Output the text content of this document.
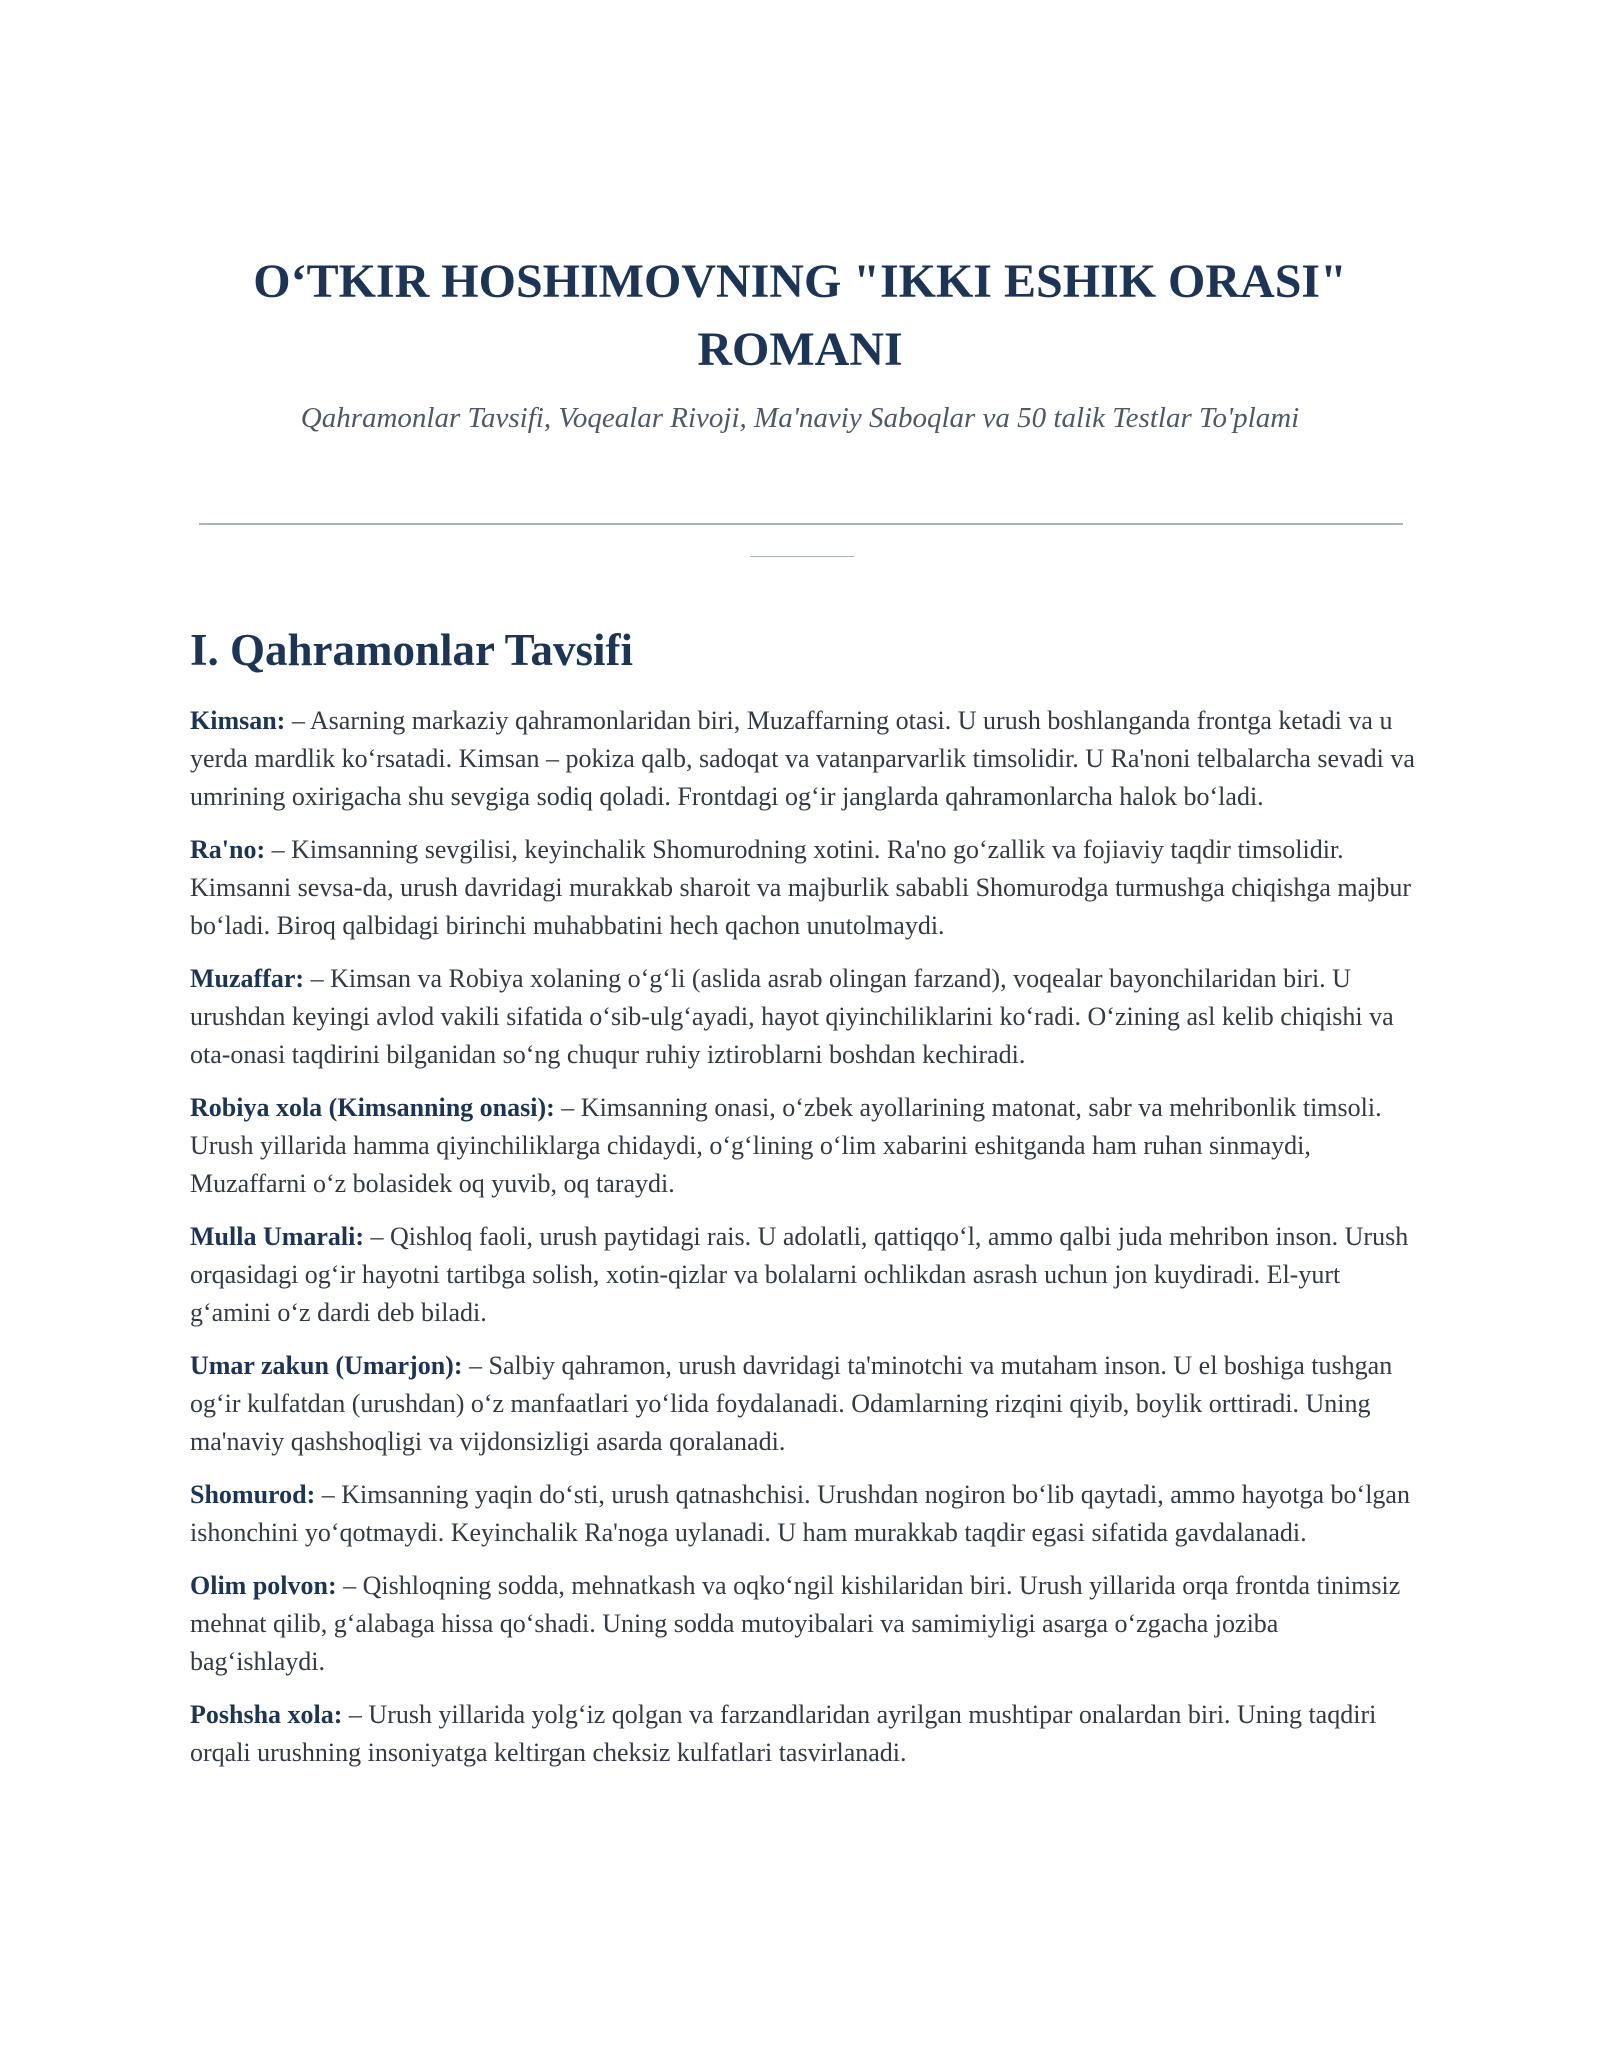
O‘TKIR HOSHIMOVNING "IKKI ESHIK ORASI" ROMANI

Qahramonlar Tavsifi, Voqealar Rivoji, Ma'naviy Saboqlar va 50 talik Testlar To'plami

I. Qahramonlar Tavsifi

Kimsan: – Asarning markaziy qahramonlaridan biri, Muzaffarning otasi. U urush boshlanganda frontga ketadi va u yerda mardlik ko‘rsatadi. Kimsan – pokiza qalb, sadoqat va vatanparvarlik timsolidir. U Ra'noni telbalarcha sevadi va umrining oxirigacha shu sevgiga sodiq qoladi. Frontdagi og‘ir janglarda qahramonlarcha halok bo‘ladi.

Ra'no: – Kimsanning sevgilisi, keyinchalik Shomurodning xotini. Ra'no go‘zallik va fojiaviy taqdir timsolidir. Kimsanni sevsa-da, urush davridagi murakkab sharoit va majburlik sababli Shomurodga turmushga chiqishga majbur bo‘ladi. Biroq qalbidagi birinchi muhabbatini hech qachon unutolmaydi.

Muzaffar: – Kimsan va Robiya xolaning o‘g‘li (aslida asrab olingan farzand), voqealar bayonchilaridan biri. U urushdan keyingi avlod vakili sifatida o‘sib-ulg‘ayadi, hayot qiyinchiliklarini ko‘radi. O‘zining asl kelib chiqishi va ota-onasi taqdirini bilganidan so‘ng chuqur ruhiy iztiroblarni boshdan kechiradi.

Robiya xola (Kimsanning onasi): – Kimsanning onasi, o‘zbek ayollarining matonat, sabr va mehribonlik timsoli. Urush yillarida hamma qiyinchiliklarga chidaydi, o‘g‘lining o‘lim xabarini eshitganda ham ruhan sinmaydi, Muzaffarni o‘z bolasidek oq yuvib, oq taraydi.

Mulla Umarali: – Qishloq faoli, urush paytidagi rais. U adolatli, qattiqqo‘l, ammo qalbi juda mehribon inson. Urush orqasidagi og‘ir hayotni tartibga solish, xotin-qizlar va bolalarni ochlikdan asrash uchun jon kuydiradi. El-yurt g‘amini o‘z dardi deb biladi.

Umar zakun (Umarjon): – Salbiy qahramon, urush davridagi ta'minotchi va mutaham inson. U el boshiga tushgan og‘ir kulfatdan (urushdan) o‘z manfaatlari yo‘lida foydalanadi. Odamlarning rizqini qiyib, boylik orttiradi. Uning ma'naviy qashshoqligi va vijdonsizligi asarda qoralanadi.

Shomurod: – Kimsanning yaqin do‘sti, urush qatnashchisi. Urushdan nogiron bo‘lib qaytadi, ammo hayotga bo‘lgan ishonchini yo‘qotmaydi. Keyinchalik Ra'noga uylanadi. U ham murakkab taqdir egasi sifatida gavdalanadi.

Olim polvon: – Qishloqning sodda, mehnatkash va oqko‘ngil kishilaridan biri. Urush yillarida orqa frontda tinimsiz mehnat qilib, g‘alabaga hissa qo‘shadi. Uning sodda mutoyibalari va samimiyligi asarga o‘zgacha joziba bag‘ishlaydi.

Poshsha xola: – Urush yillarida yolg‘iz qolgan va farzandlaridan ayrilgan mushtipar onalardan biri. Uning taqdiri orqali urushning insoniyatga keltirgan cheksiz kulfatlari tasvirlanadi.
